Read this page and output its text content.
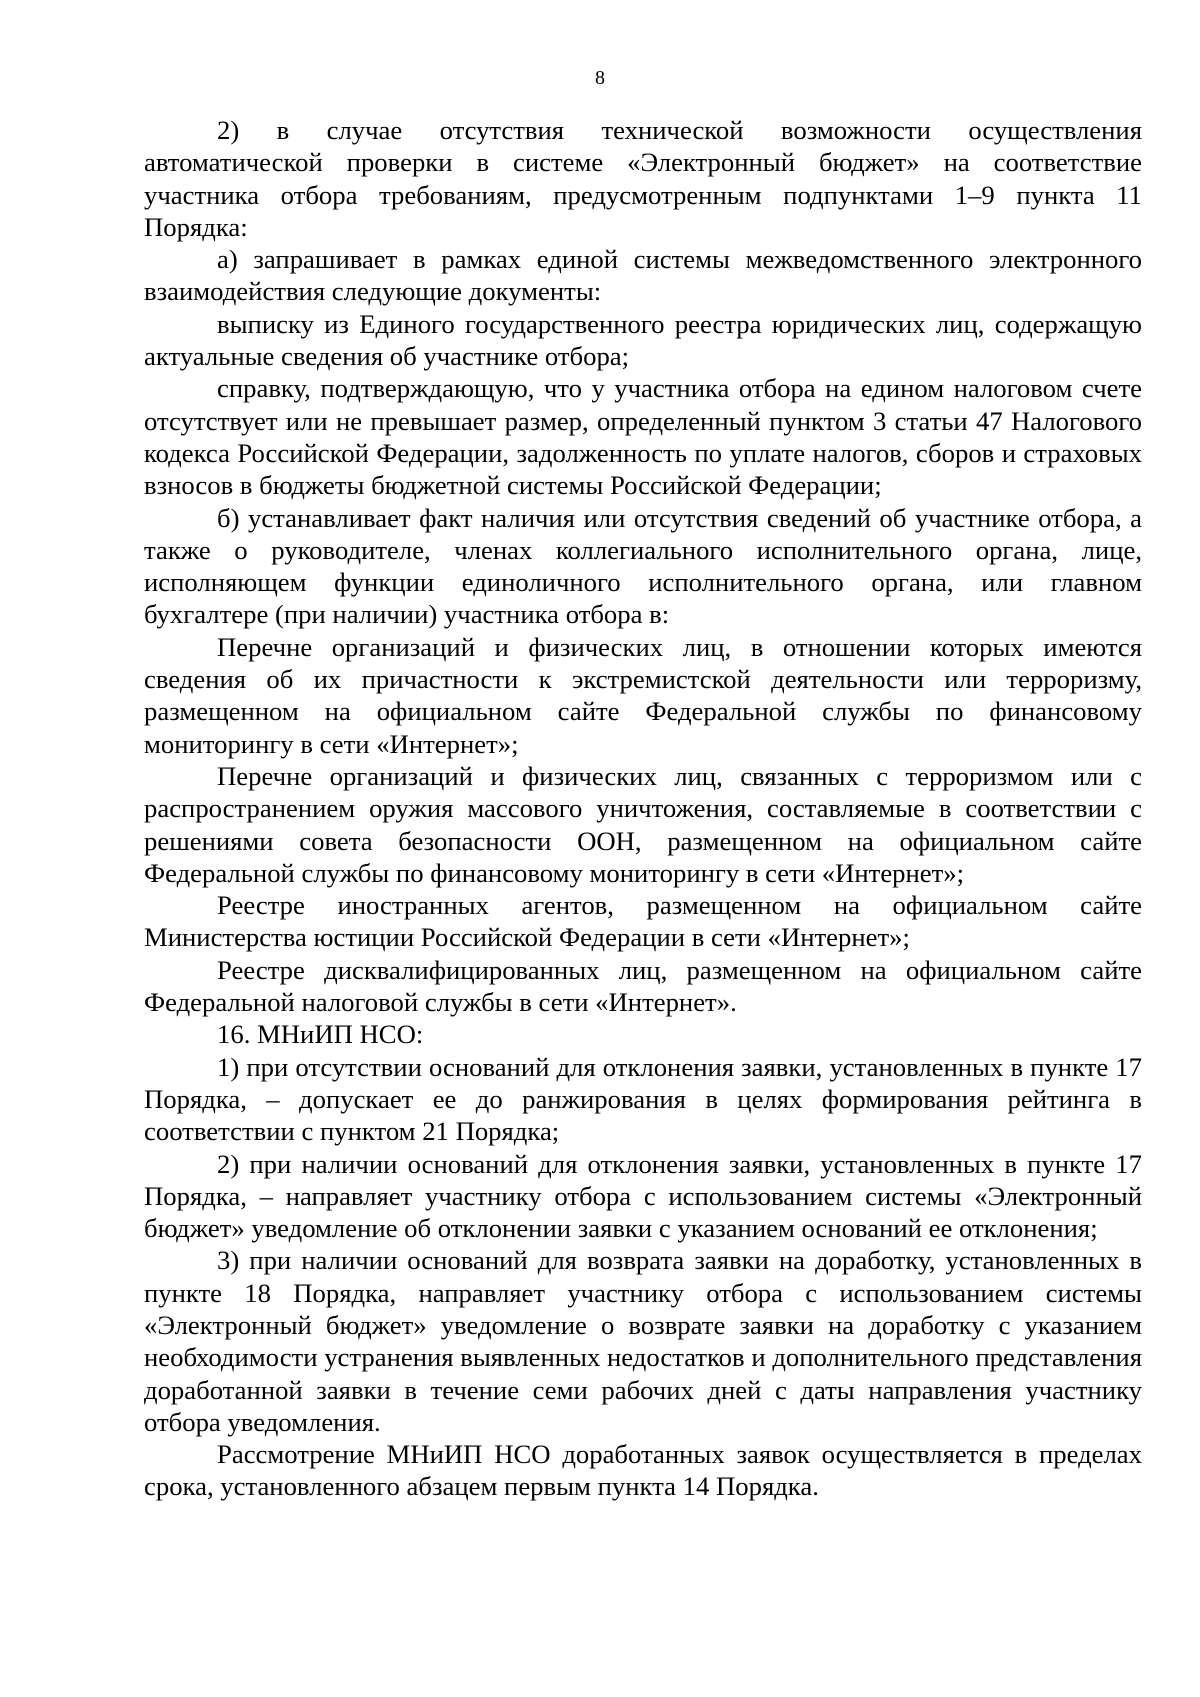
8

2) в случае отсутствия технической возможности осуществления автоматической проверки в системе «Электронный бюджет» на соответствие участника отбора требованиям, предусмотренным подпунктами 1–9 пункта 11 Порядка:

а) запрашивает в рамках единой системы межведомственного электронного взаимодействия следующие документы:

выписку из Единого государственного реестра юридических лиц, содержащую актуальные сведения об участнике отбора;

справку, подтверждающую, что у участника отбора на едином налоговом счете отсутствует или не превышает размер, определенный пунктом 3 статьи 47 Налогового кодекса Российской Федерации, задолженность по уплате налогов, сборов и страховых взносов в бюджеты бюджетной системы Российской Федерации;

б) устанавливает факт наличия или отсутствия сведений об участнике отбора, а также о руководителе, членах коллегиального исполнительного органа, лице, исполняющем функции единоличного исполнительного органа, или главном бухгалтере (при наличии) участника отбора в:

Перечне организаций и физических лиц, в отношении которых имеются сведения об их причастности к экстремистской деятельности или терроризму, размещенном на официальном сайте Федеральной службы по финансовому мониторингу в сети «Интернет»;

Перечне организаций и физических лиц, связанных с терроризмом или с распространением оружия массового уничтожения, составляемые в соответствии с решениями совета безопасности ООН, размещенном на официальном сайте Федеральной службы по финансовому мониторингу в сети «Интернет»;

Реестре иностранных агентов, размещенном на официальном сайте Министерства юстиции Российской Федерации в сети «Интернет»;

Реестре дисквалифицированных лиц, размещенном на официальном сайте Федеральной налоговой службы в сети «Интернет».

16. МНиИП НСО:

1) при отсутствии оснований для отклонения заявки, установленных в пункте 17 Порядка, – допускает ее до ранжирования в целях формирования рейтинга в соответствии с пунктом 21 Порядка;

2) при наличии оснований для отклонения заявки, установленных в пункте 17 Порядка, – направляет участнику отбора с использованием системы «Электронный бюджет» уведомление об отклонении заявки с указанием оснований ее отклонения;

3) при наличии оснований для возврата заявки на доработку, установленных в пункте 18 Порядка, направляет участнику отбора с использованием системы «Электронный бюджет» уведомление о возврате заявки на доработку с указанием необходимости устранения выявленных недостатков и дополнительного представления доработанной заявки в течение семи рабочих дней с даты направления участнику отбора уведомления.

Рассмотрение МНиИП НСО доработанных заявок осуществляется в пределах срока, установленного абзацем первым пункта 14 Порядка.
